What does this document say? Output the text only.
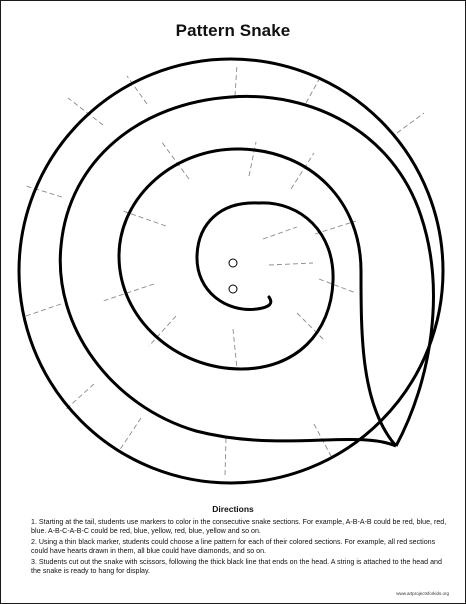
Pattern Snake
Directions

1. Starting at the tail, students use markers to color in the consecutive snake sections. For example, A-B-A-B could be red, blue, red, blue. A-B-C-A-B-C could be red, blue, yellow, red, blue, yellow and so on.

2. Using a thin black marker, students could choose a line pattern for each of their colored sections. For example, all red sections could have hearts drawn in them, all blue could have diamonds, and so on.

3. Students cut out the snake with scissors, following the thick black line that ends on the head. A string is attached to the head and the snake is ready to hang for display.

www.artprojectsforkids.org
